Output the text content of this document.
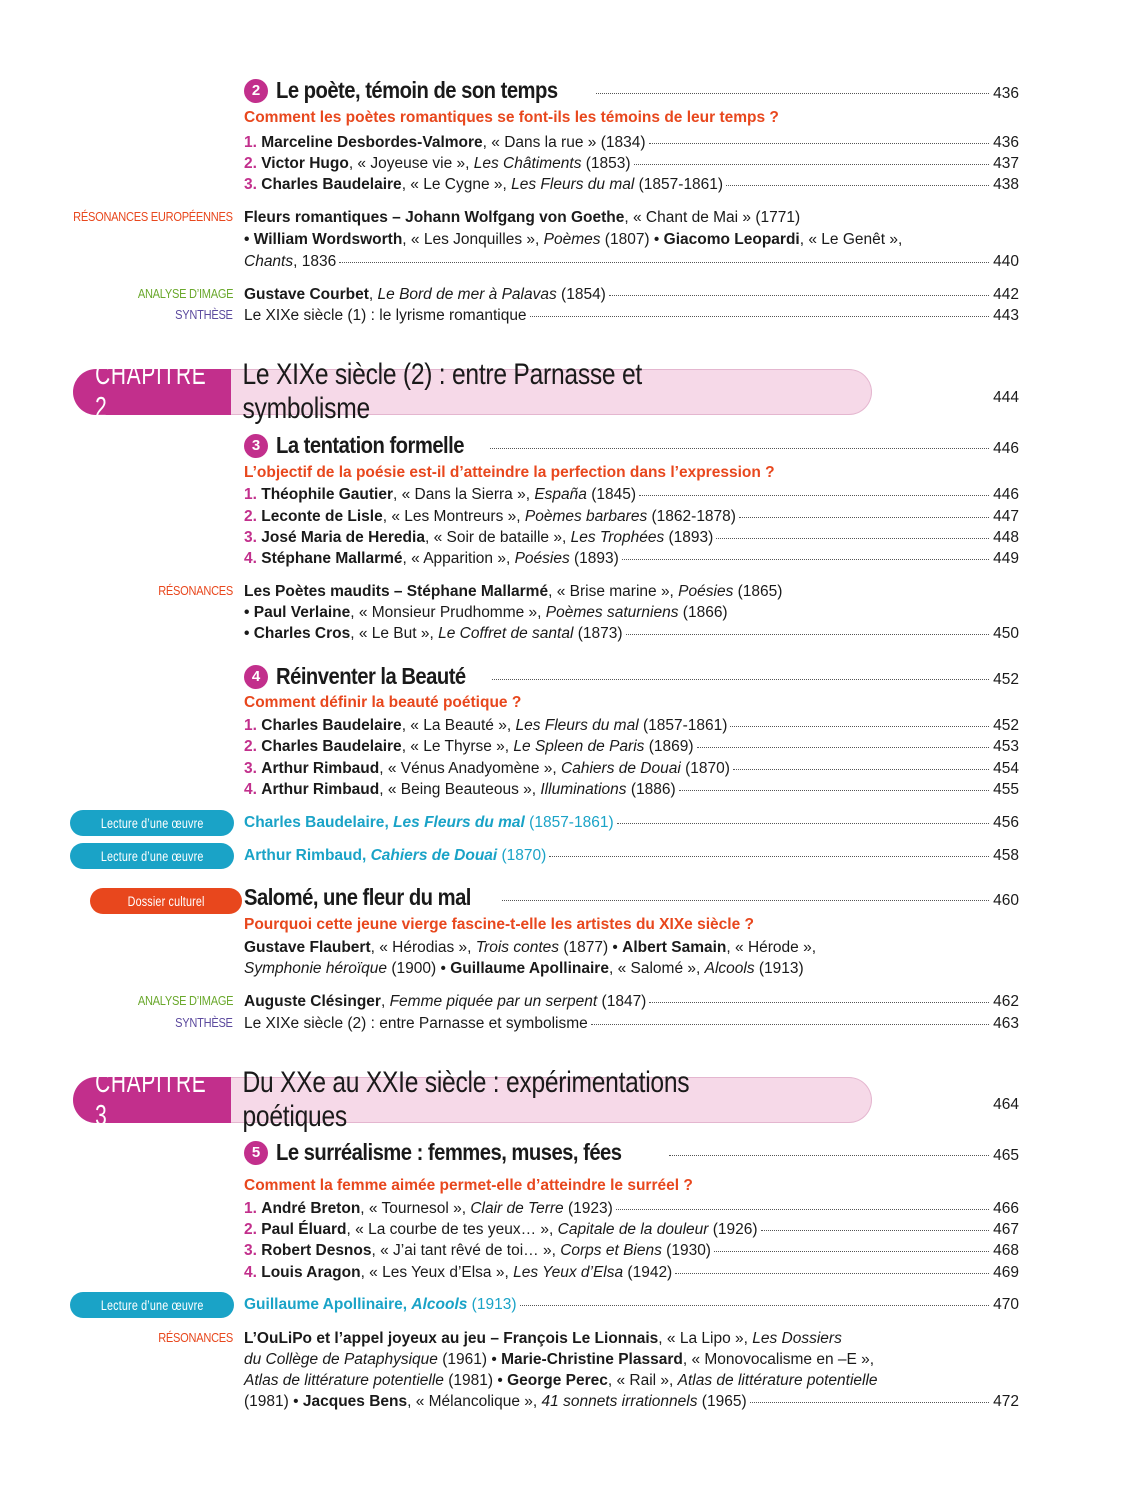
2 Le poète, témoin de son temps	436
Comment les poètes romantiques se font-ils les témoins de leur temps ?
1. Marceline Desbordes-Valmore, « Dans la rue » (1834)	436
2. Victor Hugo, « Joyeuse vie », Les Châtiments (1853)	437
3. Charles Baudelaire, « Le Cygne », Les Fleurs du mal (1857-1861)	438
RÉSONANCES EUROPÉENNES Fleurs romantiques – Johann Wolfgang von Goethe, « Chant de Mai » (1771)
• William Wordsworth, « Les Jonquilles », Poèmes (1807) • Giacomo Leopardi, « Le Genêt »,
Chants, 1836	440
ANALYSE D’IMAGE Gustave Courbet, Le Bord de mer à Palavas (1854)	442
SYNTHÈSE Le XIXe siècle (1) : le lyrisme romantique	443
CHAPITRE 2
Le XIXe siècle (2) : entre Parnasse et symbolisme	444
3 La tentation formelle	446
L’objectif de la poésie est-il d’atteindre la perfection dans l’expression ?
1. Théophile Gautier, « Dans la Sierra », España (1845)	446
2. Leconte de Lisle, « Les Montreurs », Poèmes barbares (1862-1878)	447
3. José Maria de Heredia, « Soir de bataille », Les Trophées (1893)	448
4. Stéphane Mallarmé, « Apparition », Poésies (1893)	449
RÉSONANCES Les Poètes maudits – Stéphane Mallarmé, « Brise marine », Poésies (1865)
• Paul Verlaine, « Monsieur Prudhomme », Poèmes saturniens (1866)
• Charles Cros, « Le But », Le Coffret de santal (1873)	450
4 Réinventer la Beauté	452
Comment définir la beauté poétique ?
1. Charles Baudelaire, « La Beauté », Les Fleurs du mal (1857-1861)	452
2. Charles Baudelaire, « Le Thyrse », Le Spleen de Paris (1869)	453
3. Arthur Rimbaud, « Vénus Anadyomène », Cahiers de Douai (1870)	454
4. Arthur Rimbaud, « Being Beauteous », Illuminations (1886)	455
Lecture d’une œuvre	Charles Baudelaire, Les Fleurs du mal (1857-1861)	456
Lecture d’une œuvre	Arthur Rimbaud, Cahiers de Douai (1870)	458
Dossier culturel Salomé, une fleur du mal	460
Pourquoi cette jeune vierge fascine-t-elle les artistes du XIXe siècle ?
Gustave Flaubert, « Hérodias », Trois contes (1877) • Albert Samain, « Hérode »,
Symphonie héroïque (1900) • Guillaume Apollinaire, « Salomé », Alcools (1913)
ANALYSE D’IMAGE Auguste Clésinger, Femme piquée par un serpent (1847)	462
SYNTHÈSE Le XIXe siècle (2) : entre Parnasse et symbolisme	463
CHAPITRE 3
Du XXe au XXIe siècle : expérimentations poétiques	464
5 Le surréalisme : femmes, muses, fées	465
Comment la femme aimée permet-elle d’atteindre le surréel ?
1. André Breton, « Tournesol », Clair de Terre (1923)	466
2. Paul Éluard, « La courbe de tes yeux… », Capitale de la douleur (1926)	467
3. Robert Desnos, « J’ai tant rêvé de toi… », Corps et Biens (1930)	468
4. Louis Aragon, « Les Yeux d’Elsa », Les Yeux d’Elsa (1942)	469
Lecture d’une œuvre	Guillaume Apollinaire, Alcools (1913)	470
RÉSONANCES L’OuLiPo et l’appel joyeux au jeu – François Le Lionnais, « La Lipo », Les Dossiers
du Collège de Pataphysique (1961) • Marie-Christine Plassard, « Monovocalisme en –E »,
Atlas de littérature potentielle (1981) • George Perec, « Rail », Atlas de littérature potentielle
(1981) • Jacques Bens, « Mélancolique », 41 sonnets irrationnels (1965)	472
